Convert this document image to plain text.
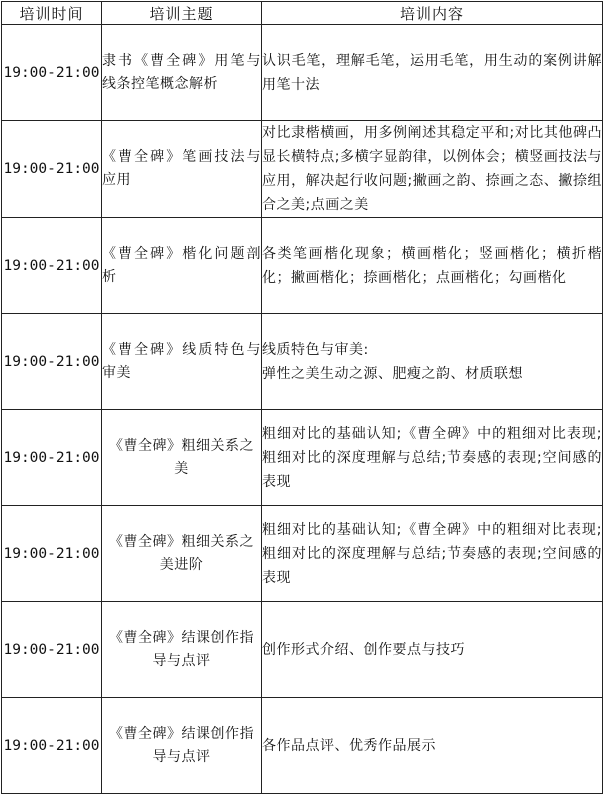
培训时间	培训主题	培训内容
19:00-21:00	隶书《曹全碑》用笔与线条控笔概念解析	认识毛笔，理解毛笔，运用毛笔，用生动的案例讲解用笔十法
19:00-21:00	《曹全碑》笔画技法与应用	对比隶楷横画，用多例阐述其稳定平和;对比其他碑凸显长横特点;多横字显韵律，以例体会；横竖画技法与应用，解决起行收问题;撇画之韵、捺画之态、撇捺组合之美;点画之美
19:00-21:00	《曹全碑》楷化问题剖析	各类笔画楷化现象；横画楷化；竖画楷化；横折楷化；撇画楷化；捺画楷化；点画楷化；勾画楷化
19:00-21:00	《曹全碑》线质特色与审美	线质特色与审美:
弹性之美生动之源、肥瘦之韵、材质联想
19:00-21:00	《曹全碑》粗细关系之美	粗细对比的基础认知;《曹全碑》中的粗细对比表现;粗细对比的深度理解与总结;节奏感的表现;空间感的表现
19:00-21:00	《曹全碑》粗细关系之美进阶	粗细对比的基础认知;《曹全碑》中的粗细对比表现;粗细对比的深度理解与总结;节奏感的表现;空间感的表现
19:00-21:00	《曹全碑》结课创作指导与点评	创作形式介绍、创作要点与技巧
19:00-21:00	《曹全碑》结课创作指导与点评	各作品点评、优秀作品展示
